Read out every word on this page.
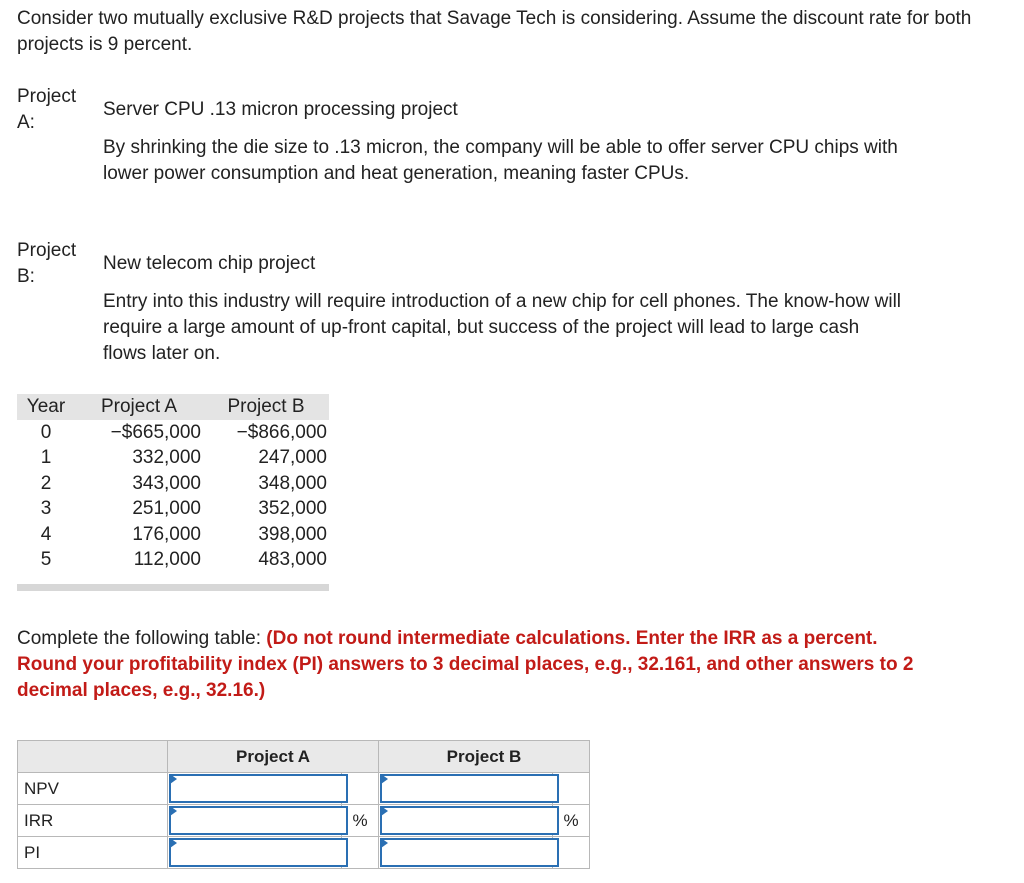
Consider two mutually exclusive R&D projects that Savage Tech is considering. Assume the discount rate for both projects is 9 percent.
Project A:
Server CPU .13 micron processing project
By shrinking the die size to .13 micron, the company will be able to offer server CPU chips with lower power consumption and heat generation, meaning faster CPUs.
Project B:
New telecom chip project
Entry into this industry will require introduction of a new chip for cell phones. The know-how will require a large amount of up-front capital, but success of the project will lead to large cash flows later on.
Year	Project A	Project B
0	−$665,000	−$866,000
1	332,000	247,000
2	343,000	348,000
3	251,000	352,000
4	176,000	398,000
5	112,000	483,000
Complete the following table: (Do not round intermediate calculations. Enter the IRR as a percent. Round your profitability index (PI) answers to 3 decimal places, e.g., 32.161, and other answers to 2 decimal places, e.g., 32.16.)
	Project A		Project B	
NPV	

IRR		%		%
PI	
